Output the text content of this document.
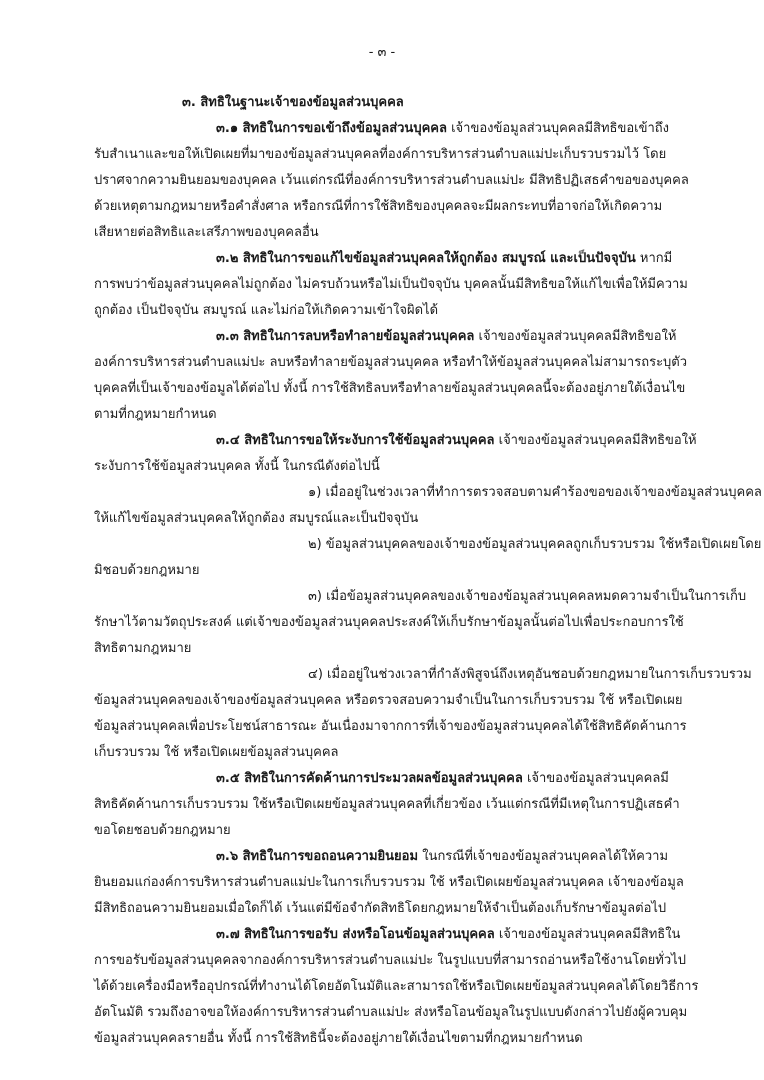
- ๓ -
๓. สิทธิในฐานะเจ้าของข้อมูลส่วนบุคคล
๓.๑ สิทธิในการขอเข้าถึงข้อมูลส่วนบุคคล เจ้าของข้อมูลส่วนบุคคลมีสิทธิขอเข้าถึง
รับสำเนาและขอให้เปิดเผยที่มาของข้อมูลส่วนบุคคลที่องค์การบริหารส่วนตำบลแม่ปะเก็บรวบรวมไว้ โดย
ปราศจากความยินยอมของบุคคล เว้นแต่กรณีที่องค์การบริหารส่วนตำบลแม่ปะ มีสิทธิปฏิเสธคำขอของบุคคล
ด้วยเหตุตามกฎหมายหรือคำสั่งศาล หรือกรณีที่การใช้สิทธิของบุคคลจะมีผลกระทบที่อาจก่อให้เกิดความ
เสียหายต่อสิทธิและเสรีภาพของบุคคลอื่น
๓.๒ สิทธิในการขอแก้ไขข้อมูลส่วนบุคคลให้ถูกต้อง สมบูรณ์ และเป็นปัจจุบัน หากมี
การพบว่าข้อมูลส่วนบุคคลไม่ถูกต้อง ไม่ครบถ้วนหรือไม่เป็นปัจจุบัน บุคคลนั้นมีสิทธิขอให้แก้ไขเพื่อให้มีความ
ถูกต้อง เป็นปัจจุบัน สมบูรณ์ และไม่ก่อให้เกิดความเข้าใจผิดได้
๓.๓ สิทธิในการลบหรือทำลายข้อมูลส่วนบุคคล เจ้าของข้อมูลส่วนบุคคลมีสิทธิขอให้
องค์การบริหารส่วนตำบลแม่ปะ ลบหรือทำลายข้อมูลส่วนบุคคล หรือทำให้ข้อมูลส่วนบุคคลไม่สามารถระบุตัว
บุคคลที่เป็นเจ้าของข้อมูลได้ต่อไป ทั้งนี้ การใช้สิทธิลบหรือทำลายข้อมูลส่วนบุคคลนี้จะต้องอยู่ภายใต้เงื่อนไข
ตามที่กฎหมายกำหนด
๓.๔ สิทธิในการขอให้ระงับการใช้ข้อมูลส่วนบุคคล เจ้าของข้อมูลส่วนบุคคลมีสิทธิขอให้
ระงับการใช้ข้อมูลส่วนบุคคล ทั้งนี้ ในกรณีดังต่อไปนี้
๑) เมื่ออยู่ในช่วงเวลาที่ทำการตรวจสอบตามคำร้องขอของเจ้าของข้อมูลส่วนบุคคล
ให้แก้ไขข้อมูลส่วนบุคคลให้ถูกต้อง สมบูรณ์และเป็นปัจจุบัน
๒) ข้อมูลส่วนบุคคลของเจ้าของข้อมูลส่วนบุคคลถูกเก็บรวบรวม ใช้หรือเปิดเผยโดย
มิชอบด้วยกฎหมาย
๓) เมื่อข้อมูลส่วนบุคคลของเจ้าของข้อมูลส่วนบุคคลหมดความจำเป็นในการเก็บ
รักษาไว้ตามวัตถุประสงค์ แต่เจ้าของข้อมูลส่วนบุคคลประสงค์ให้เก็บรักษาข้อมูลนั้นต่อไปเพื่อประกอบการใช้
สิทธิตามกฎหมาย
๔) เมื่ออยู่ในช่วงเวลาที่กำลังพิสูจน์ถึงเหตุอันชอบด้วยกฎหมายในการเก็บรวบรวม
ข้อมูลส่วนบุคคลของเจ้าของข้อมูลส่วนบุคคล หรือตรวจสอบความจำเป็นในการเก็บรวบรวม ใช้ หรือเปิดเผย
ข้อมูลส่วนบุคคลเพื่อประโยชน์สาธารณะ อันเนื่องมาจากการที่เจ้าของข้อมูลส่วนบุคคลได้ใช้สิทธิคัดค้านการ
เก็บรวบรวม ใช้ หรือเปิดเผยข้อมูลส่วนบุคคล
๓.๕ สิทธิในการคัดค้านการประมวลผลข้อมูลส่วนบุคคล เจ้าของข้อมูลส่วนบุคคลมี
สิทธิคัดค้านการเก็บรวบรวม ใช้หรือเปิดเผยข้อมูลส่วนบุคคลที่เกี่ยวข้อง เว้นแต่กรณีที่มีเหตุในการปฏิเสธคำ
ขอโดยชอบด้วยกฎหมาย
๓.๖ สิทธิในการขอถอนความยินยอม ในกรณีที่เจ้าของข้อมูลส่วนบุคคลได้ให้ความ
ยินยอมแก่องค์การบริหารส่วนตำบลแม่ปะในการเก็บรวบรวม ใช้ หรือเปิดเผยข้อมูลส่วนบุคคล เจ้าของข้อมูล
มีสิทธิถอนความยินยอมเมื่อใดก็ได้ เว้นแต่มีข้อจำกัดสิทธิโดยกฎหมายให้จำเป็นต้องเก็บรักษาข้อมูลต่อไป
๓.๗ สิทธิในการขอรับ ส่งหรือโอนข้อมูลส่วนบุคคล เจ้าของข้อมูลส่วนบุคคลมีสิทธิใน
การขอรับข้อมูลส่วนบุคคลจากองค์การบริหารส่วนตำบลแม่ปะ ในรูปแบบที่สามารถอ่านหรือใช้งานโดยทั่วไป
ได้ด้วยเครื่องมือหรืออุปกรณ์ที่ทำงานได้โดยอัตโนมัติและสามารถใช้หรือเปิดเผยข้อมูลส่วนบุคคลได้โดยวิธีการ
อัตโนมัติ รวมถึงอาจขอให้องค์การบริหารส่วนตำบลแม่ปะ ส่งหรือโอนข้อมูลในรูปแบบดังกล่าวไปยังผู้ควบคุม
ข้อมูลส่วนบุคคลรายอื่น ทั้งนี้ การใช้สิทธินี้จะต้องอยู่ภายใต้เงื่อนไขตามที่กฎหมายกำหนด
